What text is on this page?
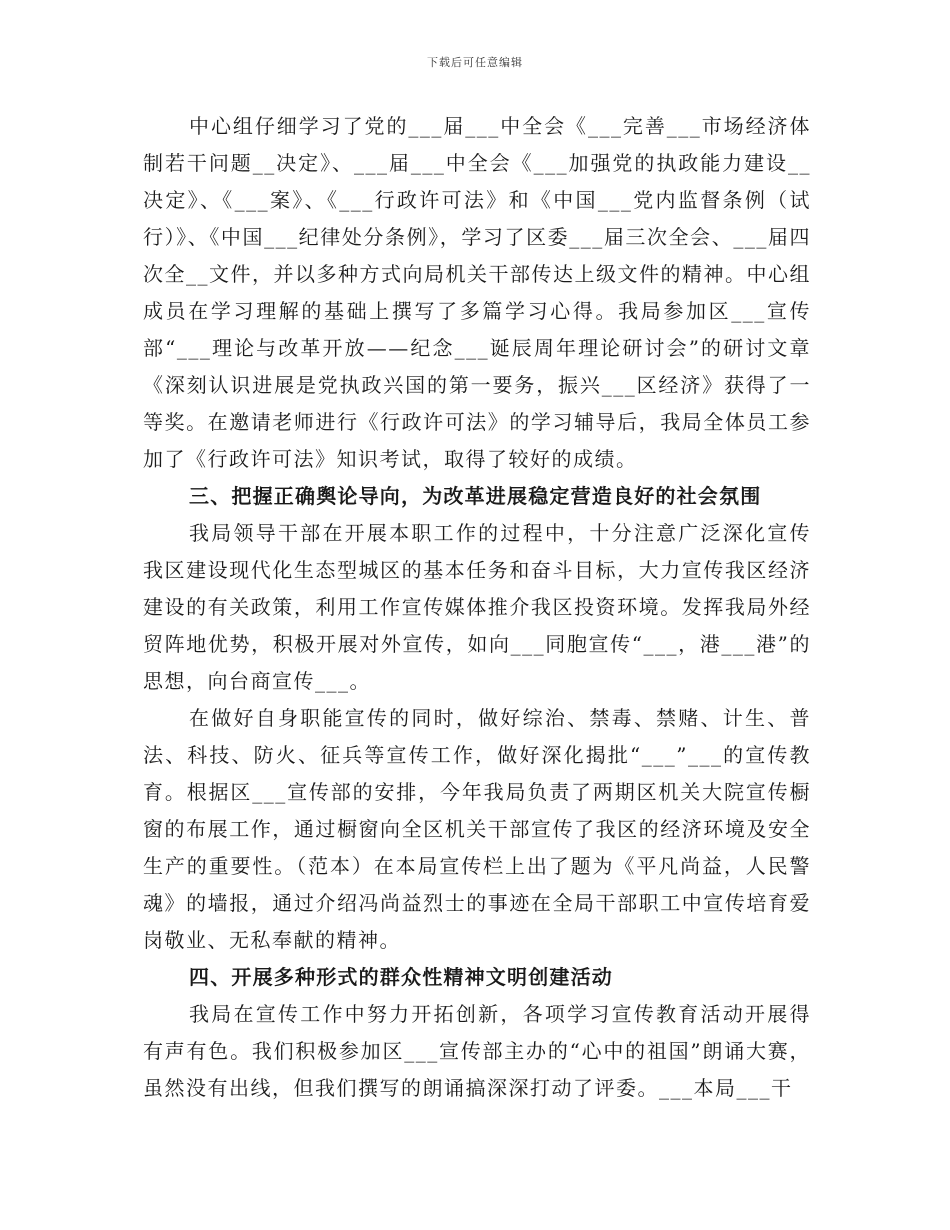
下载后可任意编辑

中心组仔细学习了党的___届___中全会《___完善___市场经济体制若干问题__决定》、___届___中全会《___加强党的执政能力建设__决定》、《___案》、《___行政许可法》和《中国___党内监督条例（试行）》、《中国___纪律处分条例》，学习了区委___届三次全会、___届四次全__文件，并以多种方式向局机关干部传达上级文件的精神。中心组成员在学习理解的基础上撰写了多篇学习心得。我局参加区___宣传部“___理论与改革开放——纪念___诞辰周年理论研讨会”的研讨文章《深刻认识进展是党执政兴国的第一要务，振兴___区经济》获得了一等奖。在邀请老师进行《行政许可法》的学习辅导后，我局全体员工参加了《行政许可法》知识考试，取得了较好的成绩。

三、把握正确舆论导向，为改革进展稳定营造良好的社会氛围

我局领导干部在开展本职工作的过程中，十分注意广泛深化宣传我区建设现代化生态型城区的基本任务和奋斗目标，大力宣传我区经济建设的有关政策，利用工作宣传媒体推介我区投资环境。发挥我局外经贸阵地优势，积极开展对外宣传，如向___同胞宣传“___，港___港”的思想，向台商宣传___。

在做好自身职能宣传的同时，做好综治、禁毒、禁赌、计生、普法、科技、防火、征兵等宣传工作，做好深化揭批“___”___的宣传教育。根据区___宣传部的安排，今年我局负责了两期区机关大院宣传橱窗的布展工作，通过橱窗向全区机关干部宣传了我区的经济环境及安全生产的重要性。（范本）在本局宣传栏上出了题为《平凡尚益，人民警魂》的墙报，通过介绍冯尚益烈士的事迹在全局干部职工中宣传培育爱岗敬业、无私奉献的精神。

四、开展多种形式的群众性精神文明创建活动

我局在宣传工作中努力开拓创新，各项学习宣传教育活动开展得有声有色。我们积极参加区___宣传部主办的“心中的祖国”朗诵大赛，虽然没有出线，但我们撰写的朗诵搞深深打动了评委。___本局___干
